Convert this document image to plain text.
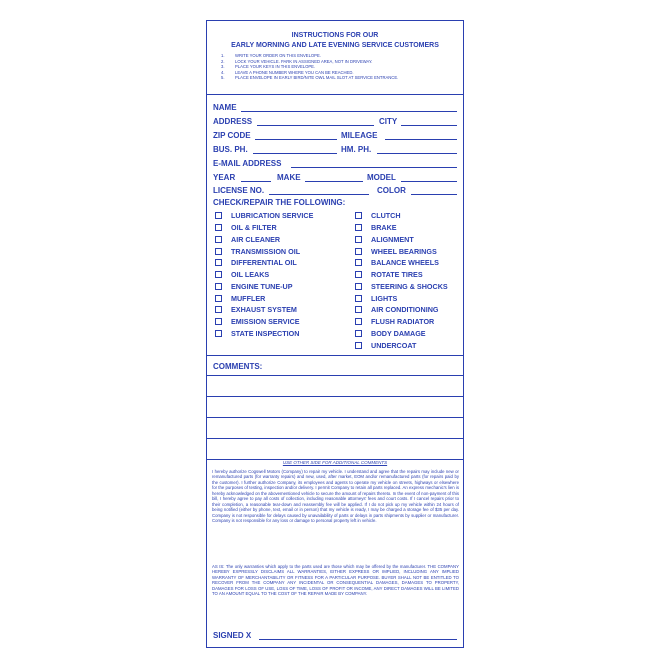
INSTRUCTIONS FOR OUR
EARLY MORNING AND LATE EVENING SERVICE CUSTOMERS
1.	WRITE YOUR ORDER ON THIS ENVELOPE.
2.	LOCK YOUR VEHICLE. PARK IN ASSIGNED AREA, NOT IN DRIVEWAY.
3.	PLACE YOUR KEYS IN THIS ENVELOPE.
4.	LEAVE A PHONE NUMBER WHERE YOU CAN BE REACHED.
5.	PLACE ENVELOPE IN EARLY BIRD/NITE OWL MAIL SLOT AT SERVICE ENTRANCE.
NAME
ADDRESS	CITY
ZIP CODE	MILEAGE
BUS. PH.	HM. PH.
E-MAIL ADDRESS
YEAR	MAKE	MODEL
LICENSE NO.	COLOR
CHECK/REPAIR THE FOLLOWING:
LUBRICATION SERVICE
OIL & FILTER
AIR CLEANER
TRANSMISSION OIL
DIFFERENTIAL OIL
OIL LEAKS
ENGINE TUNE-UP
MUFFLER
EXHAUST SYSTEM
EMISSION SERVICE
STATE INSPECTION
CLUTCH
BRAKE
ALIGNMENT
WHEEL BEARINGS
BALANCE WHEELS
ROTATE TIRES
STEERING & SHOCKS
LIGHTS
AIR CONDITIONING
FLUSH RADIATOR
BODY DAMAGE
UNDERCOAT
COMMENTS:
USE OTHER SIDE FOR ADDITIONAL COMMENTS

I hereby authorize Cogswell Motors (Company) to repair my vehicle. I understand and agree that the repairs may include new or remanufactured parts (for warranty repairs) and new, used, after market, EOM and/or remanufactured parts (for repairs paid by the customer). I further authorize Company, its employees and agents to operate my vehicle on streets, highways or elsewhere for the purposes of testing, inspection and/or delivery. I permit Company to retain all parts replaced. An express mechanic's lien is hereby acknowledged on the abovementioned vehicle to secure the amount of repairs thereto. In the event of non-payment of this bill, I hereby agree to pay all costs of collection, including reasonable attorneys' fees and court costs. If I cancel repairs prior to their completion, a reasonable tear-down and reassembly fee will be applied. If I do not pick up my vehicle within 24 hours of being notified (either by phone, text, email or in person) that my vehicle is ready, I may be charged a storage fee of $35 per day. Company is not responsible for delays caused by unavailability of parts or delays in parts shipments by supplier or manufacturer. Company is not responsible for any loss or damage to personal property left in vehicle.

AS IS: The only warranties which apply to the parts used are those which may be offered by the manufacturer. THE COMPANY HEREBY EXPRESSLY DISCLAIMS ALL WARRANTIES, EITHER EXPRESS OR IMPLIED, INCLUDING ANY IMPLIED WARRANTY OF MERCHANTABILITY OR FITNESS FOR A PARTICULAR PURPOSE. BUYER SHALL NOT BE ENTITLED TO RECOVER FROM THE COMPANY ANY INCIDENTAL OR CONSEQUENTIAL DAMAGES, DAMAGES TO PROPERTY, DAMAGES FOR LOSS OF USE, LOSS OF TIME, LOSS OF PROFIT OR INCOME, ANY DIRECT DAMAGES WILL BE LIMITED TO AN AMOUNT EQUAL TO THE COST OF THE REPAIR MADE BY COMPANY.

SIGNED X
